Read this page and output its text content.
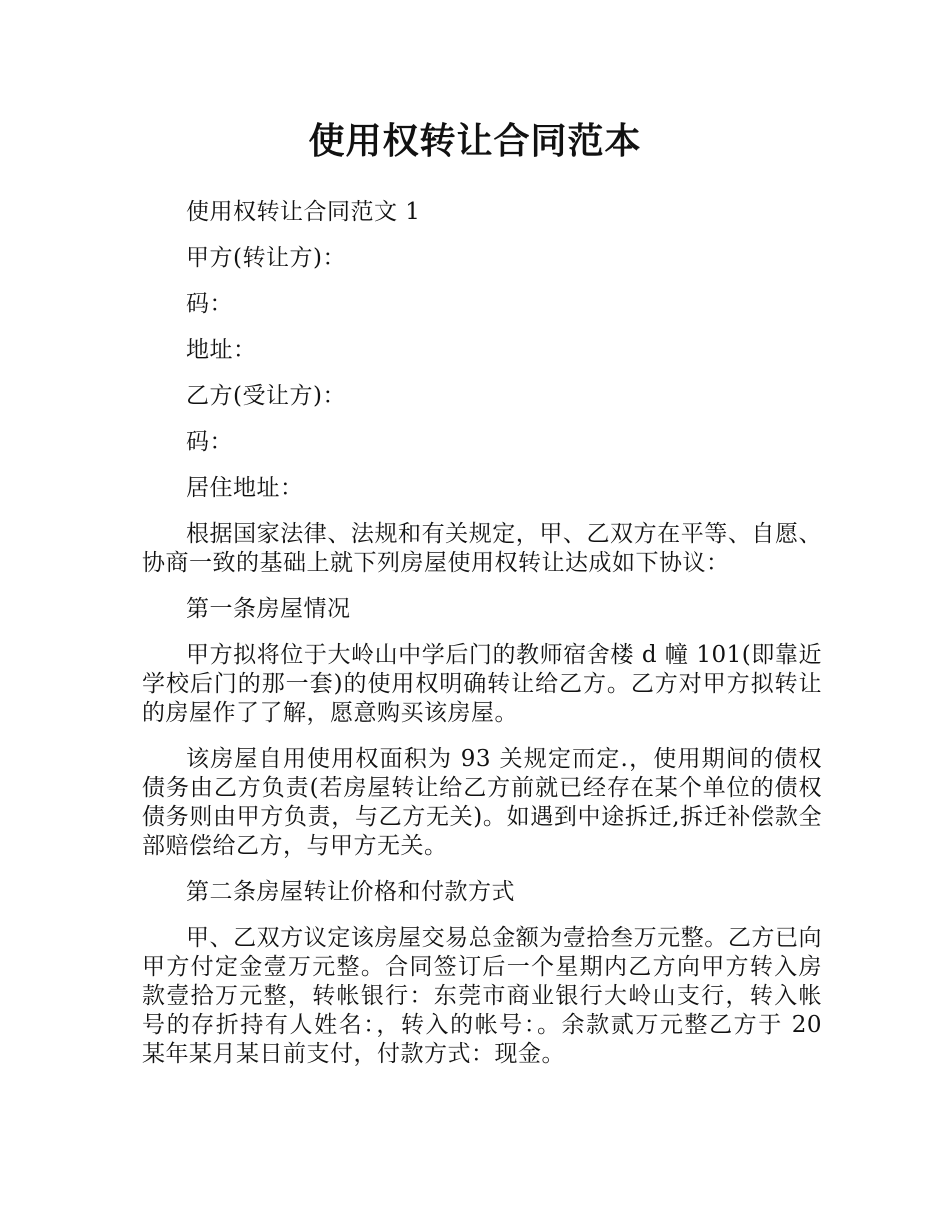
使用权转让合同范本

使用权转让合同范文 1

甲方(转让方)：

码：

地址：

乙方(受让方)：

码：

居住地址：

根据国家法律、法规和有关规定，甲、乙双方在平等、自愿、协商一致的基础上就下列房屋使用权转让达成如下协议：

第一条房屋情况

甲方拟将位于大岭山中学后门的教师宿舍楼 d 幢 101(即靠近学校后门的那一套)的使用权明确转让给乙方。乙方对甲方拟转让的房屋作了了解，愿意购买该房屋。

该房屋自用使用权面积为 93 关规定而定.，使用期间的债权债务由乙方负责(若房屋转让给乙方前就已经存在某个单位的债权债务则由甲方负责，与乙方无关)。如遇到中途拆迁,拆迁补偿款全部赔偿给乙方，与甲方无关。

第二条房屋转让价格和付款方式

甲、乙双方议定该房屋交易总金额为壹拾叁万元整。乙方已向甲方付定金壹万元整。合同签订后一个星期内乙方向甲方转入房款壹拾万元整，转帐银行：东莞市商业银行大岭山支行，转入帐号的存折持有人姓名：，转入的帐号：。余款贰万元整乙方于 20 某年某月某日前支付，付款方式：现金。
